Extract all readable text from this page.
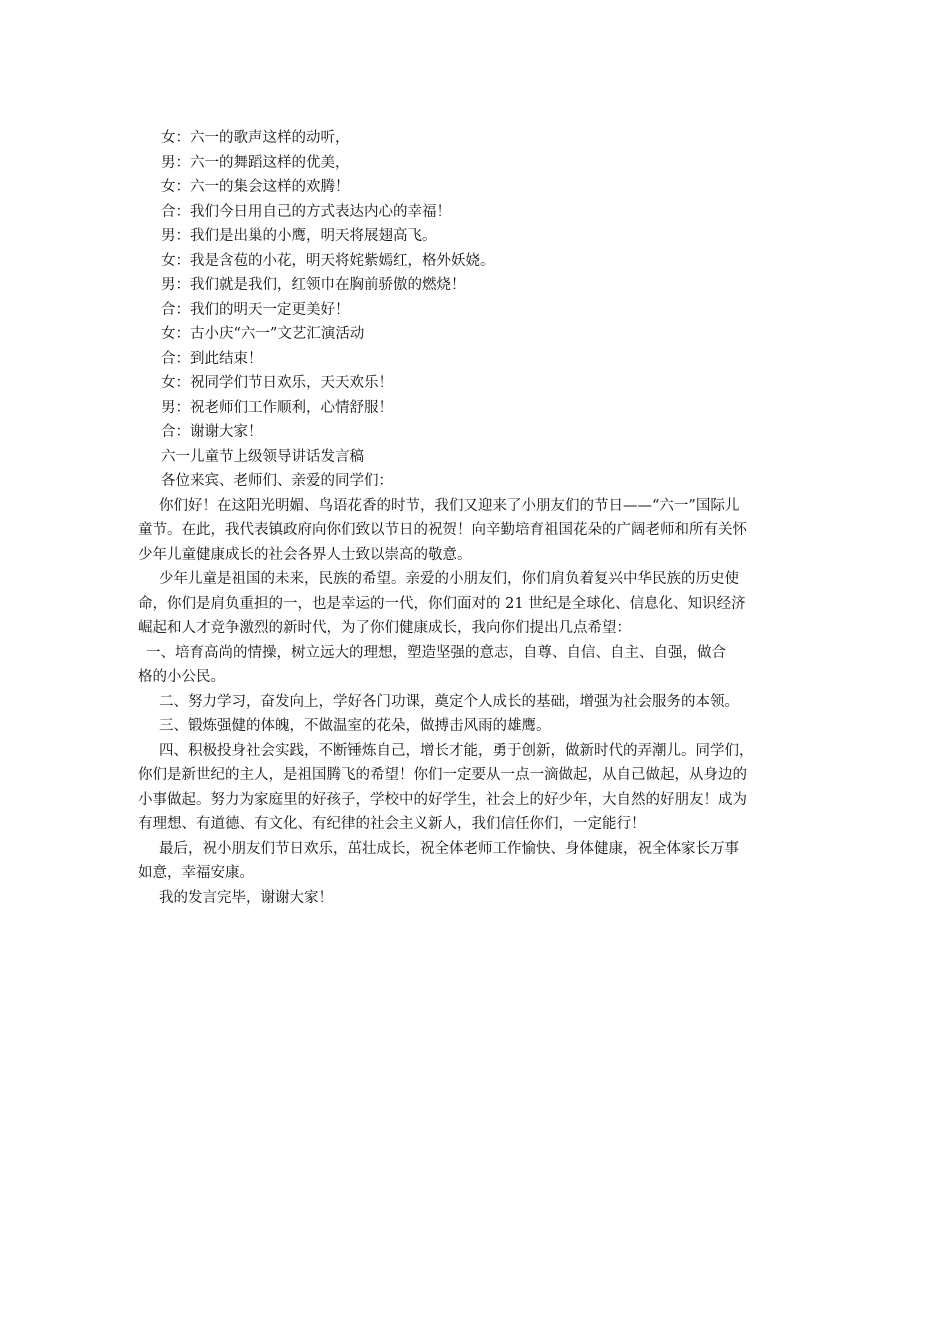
女：六一的歌声这样的动听，
男：六一的舞蹈这样的优美，
女：六一的集会这样的欢腾！
合：我们今日用自己的方式表达内心的幸福！
男：我们是出巢的小鹰，明天将展翅高飞。
女：我是含苞的小花，明天将姹紫嫣红，格外妖娆。
男：我们就是我们，红领巾在胸前骄傲的燃烧！
合：我们的明天一定更美好！
女：古小庆“六一”文艺汇演活动
合：到此结束！
女：祝同学们节日欢乐，天天欢乐！
男：祝老师们工作顺利，心情舒服！
合：谢谢大家！
六一儿童节上级领导讲话发言稿
各位来宾、老师们、亲爱的同学们：
你们好！在这阳光明媚、鸟语花香的时节，我们又迎来了小朋友们的节日——“六一”国际儿
童节。在此，我代表镇政府向你们致以节日的祝贺！向辛勤培育祖国花朵的广阔老师和所有关怀
少年儿童健康成长的社会各界人士致以崇高的敬意。
少年儿童是祖国的未来，民族的希望。亲爱的小朋友们，你们肩负着复兴中华民族的历史使
命，你们是肩负重担的一，也是幸运的一代，你们面对的 21 世纪是全球化、信息化、知识经济
崛起和人才竞争激烈的新时代，为了你们健康成长，我向你们提出几点希望：
一、培育高尚的情操，树立远大的理想，塑造坚强的意志，自尊、自信、自主、自强，做合
格的小公民。
二、努力学习，奋发向上，学好各门功课，奠定个人成长的基础，增强为社会服务的本领。
三、锻炼强健的体魄，不做温室的花朵，做搏击风雨的雄鹰。
四、积极投身社会实践，不断锤炼自己，增长才能，勇于创新，做新时代的弄潮儿。同学们，
你们是新世纪的主人，是祖国腾飞的希望！你们一定要从一点一滴做起，从自己做起，从身边的
小事做起。努力为家庭里的好孩子，学校中的好学生，社会上的好少年，大自然的好朋友！成为
有理想、有道德、有文化、有纪律的社会主义新人，我们信任你们，一定能行！
最后，祝小朋友们节日欢乐，茁壮成长，祝全体老师工作愉快、身体健康，祝全体家长万事
如意，幸福安康。
我的发言完毕，谢谢大家！
